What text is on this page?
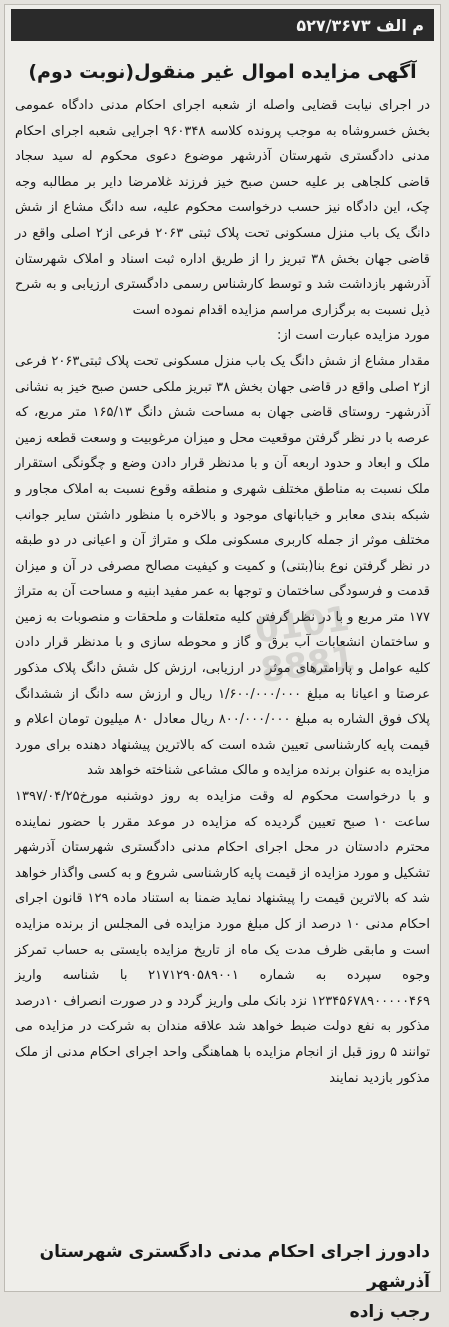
م الف ۵۲۷/۳۶۷۳
آگهی مزایده اموال غیر منقول(نوبت دوم)

در اجرای نیابت قضایی واصله از شعبه اجرای احکام مدنی دادگاه عمومی بخش خسروشاه به موجب پرونده کلاسه ۹۶۰۳۴۸ اجرایی شعبه اجرای احکام مدنی دادگستری شهرستان آذرشهر موضوع دعوی محکوم له سید سجاد قاضی کلجاهی بر علیه حسن صبح خیز فرزند غلامرضا دایر بر مطالبه وجه چک، این دادگاه نیز حسب درخواست محکوم علیه، سه دانگ مشاع از شش دانگ یک باب منزل مسکونی تحت پلاک ثبتی ۲۰۶۳ فرعی از۲ اصلی واقع در قاضی جهان بخش ۳۸ تبریز را از طریق اداره ثبت اسناد و املاک شهرستان آذرشهر بازداشت شد و توسط کارشناس رسمی دادگستری ارزیابی و به شرح ذیل نسبت به برگزاری مراسم مزایده اقدام نموده است

مورد مزایده عبارت است از:

مقدار مشاع از شش دانگ یک باب منزل مسکونی تحت پلاک ثبتی۲۰۶۳ فرعی از۲ اصلی واقع در قاضی جهان بخش ۳۸ تبریز ملکی حسن صبح خیز به نشانی آذرشهر- روستای قاضی جهان به مساحت شش دانگ ۱۶۵/۱۳ متر مربع، که عرصه با در نظر گرفتن موقعیت محل و میزان مرغوبیت و وسعت قطعه زمین ملک و ابعاد و حدود اربعه آن و با مدنظر قرار دادن وضع و چگونگی استقرار ملک نسبت به مناطق مختلف شهری و منطقه وقوع نسبت به املاک مجاور و شبکه بندی معابر و خیابانهای موجود و بالاخره با منظور داشتن سایر جوانب مختلف موثر از جمله کاربری مسکونی ملک و متراژ آن و اعیانی در دو طبقه در نظر گرفتن نوع بنا(بتنی) و کمیت و کیفیت مصالح مصرفی در آن و میزان قدمت و فرسودگی ساختمان و توجها به عمر مفید ابنیه و مساحت آن به متراژ ۱۷۷ متر مربع و با در نظر گرفتن کلیه متعلقات و ملحقات و منصوبات به زمین و ساختمان انشعابات آب برق و گاز و محوطه سازی و با مدنظر قرار دادن کلیه عوامل و پارامترهای موثر در ارزیابی، ارزش کل شش دانگ پلاک مذکور عرصتا و اعیانا به مبلغ ۱/۶۰۰/۰۰۰/۰۰۰ ریال و ارزش سه دانگ از ششدانگ پلاک فوق الشاره به مبلغ ۸۰۰/۰۰۰/۰۰۰ ریال معادل ۸۰ میلیون تومان اعلام و قیمت پایه کارشناسی تعیین شده است که بالاترین پیشنهاد دهنده برای مورد مزایده به عنوان برنده مزایده و مالک مشاعی شناخته خواهد شد

و با درخواست محکوم له وقت مزایده به روز دوشنبه مورخ۱۳۹۷/۰۴/۲۵ ساعت ۱۰ صبح تعیین گردیده که مزایده در موعد مقرر با حضور نماینده محترم دادستان در محل اجرای احکام مدنی دادگستری شهرستان آذرشهر تشکیل و مورد مزایده از قیمت پایه کارشناسی شروع و به کسی واگذار خواهد شد که بالاترین قیمت را پیشنهاد نماید ضمنا به استناد ماده ۱۲۹ قانون اجرای احکام مدنی ۱۰ درصد از کل مبلغ مورد مزایده فی المجلس از برنده مزایده است و مابقی ظرف مدت یک ماه از تاریخ مزایده بایستی به حساب تمرکز وجوه سپرده به شماره ۲۱۷۱۲۹۰۵۸۹۰۰۱ با شناسه واریز ۱۲۳۴۵۶۷۸۹۰۰۰۰۰۴۶۹ نزد بانک ملی واریز گردد و در صورت انصراف ۱۰درصد مذکور به نفع دولت ضبط خواهد شد علاقه مندان به شرکت در مزایده می توانند ۵ روز قبل از انجام مزایده با هماهنگی واحد اجرای احکام مدنی از ملک مذکور بازدید نمایند

0101
8881
دادورز اجرای احکام مدنی دادگستری شهرستان آذرشهر
رجب زاده
